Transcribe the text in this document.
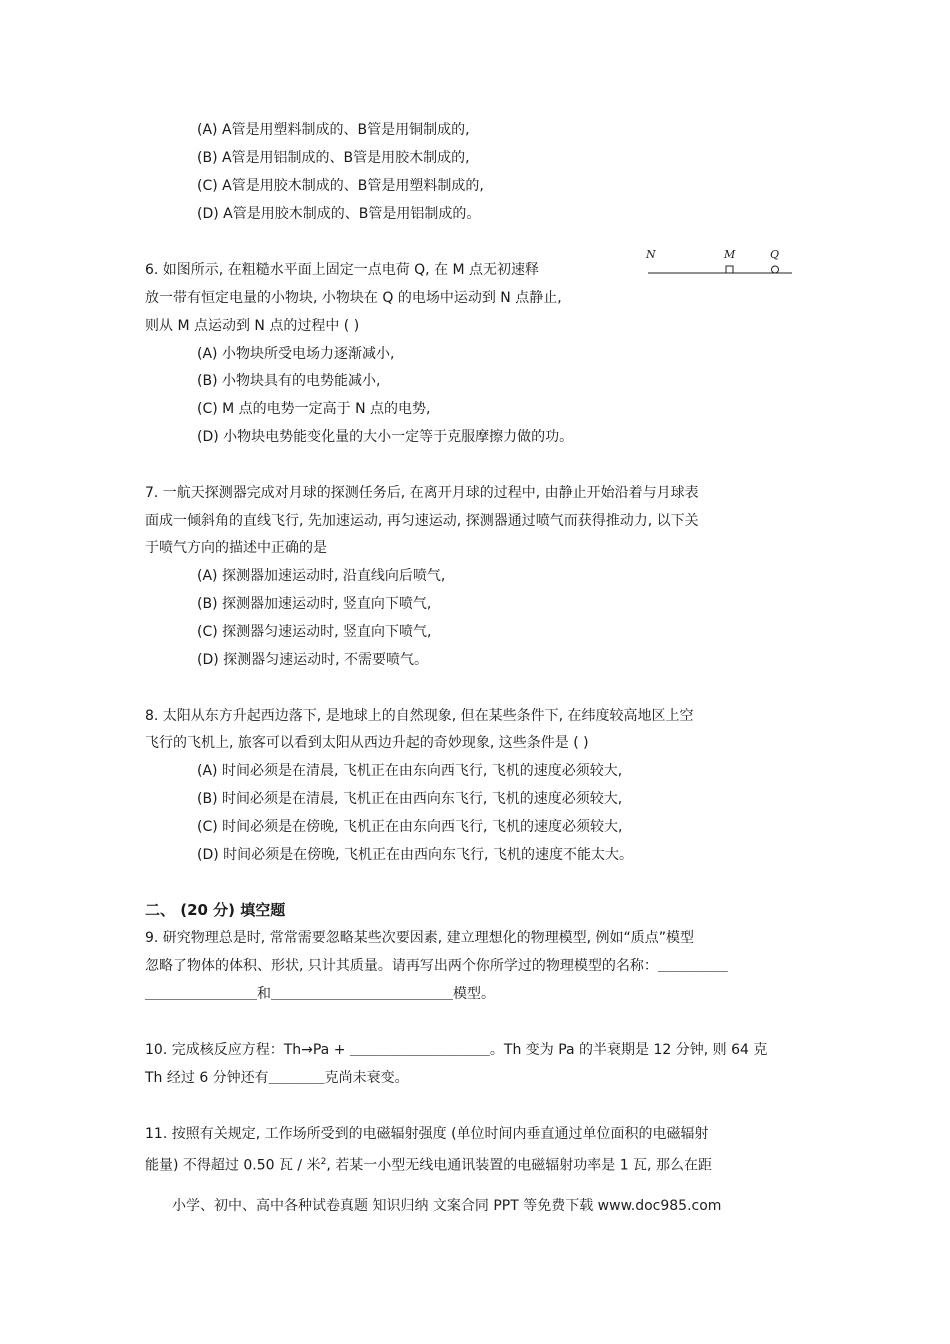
(A) A管是用塑料制成的、B管是用铜制成的,
(B) A管是用铝制成的、B管是用胶木制成的,
(C) A管是用胶木制成的、B管是用塑料制成的,
(D) A管是用胶木制成的、B管是用铝制成的。
6. 如图所示, 在粗糙水平面上固定一点电荷 Q, 在 M 点无初速释
放一带有恒定电量的小物块, 小物块在 Q 的电场中运动到 N 点静止,
则从 M 点运动到 N 点的过程中 ( )
N	M	Q
(A) 小物块所受电场力逐渐减小,
(B) 小物块具有的电势能减小,
(C) M 点的电势一定高于 N 点的电势,
(D) 小物块电势能变化量的大小一定等于克服摩擦力做的功。
7. 一航天探测器完成对月球的探测任务后, 在离开月球的过程中, 由静止开始沿着与月球表
面成一倾斜角的直线飞行, 先加速运动, 再匀速运动, 探测器通过喷气而获得推动力, 以下关
于喷气方向的描述中正确的是
(A) 探测器加速运动时, 沿直线向后喷气,
(B) 探测器加速运动时, 竖直向下喷气,
(C) 探测器匀速运动时, 竖直向下喷气,
(D) 探测器匀速运动时, 不需要喷气。
8. 太阳从东方升起西边落下, 是地球上的自然现象, 但在某些条件下, 在纬度较高地区上空
飞行的飞机上, 旅客可以看到太阳从西边升起的奇妙现象, 这些条件是 ( )
(A) 时间必须是在清晨, 飞机正在由东向西飞行, 飞机的速度必须较大,
(B) 时间必须是在清晨, 飞机正在由西向东飞行, 飞机的速度必须较大,
(C) 时间必须是在傍晚, 飞机正在由东向西飞行, 飞机的速度必须较大,
(D) 时间必须是在傍晚, 飞机正在由西向东飞行, 飞机的速度不能太大。
二、 (20 分) 填空题
9. 研究物理总是时, 常常需要忽略某些次要因素, 建立理想化的物理模型, 例如“质点”模型
忽略了物体的体积、形状, 只计其质量。请再写出两个你所学过的物理模型的名称：＿＿＿＿＿
＿＿＿＿＿＿＿＿和＿＿＿＿＿＿＿＿＿＿＿＿＿模型。
10. 完成核反应方程：Th→Pa + ＿＿＿＿＿＿＿＿＿＿。Th 变为 Pa 的半衰期是 12 分钟, 则 64 克
Th 经过 6 分钟还有＿＿＿＿克尚未衰变。
11. 按照有关规定, 工作场所受到的电磁辐射强度 (单位时间内垂直通过单位面积的电磁辐射
能量) 不得超过 0.50 瓦 / 米$^2$, 若某一小型无线电通讯装置的电磁辐射功率是 1 瓦, 那么在距
小学、初中、高中各种试卷真题 知识归纳 文案合同 PPT 等免费下载 www.doc985.com
